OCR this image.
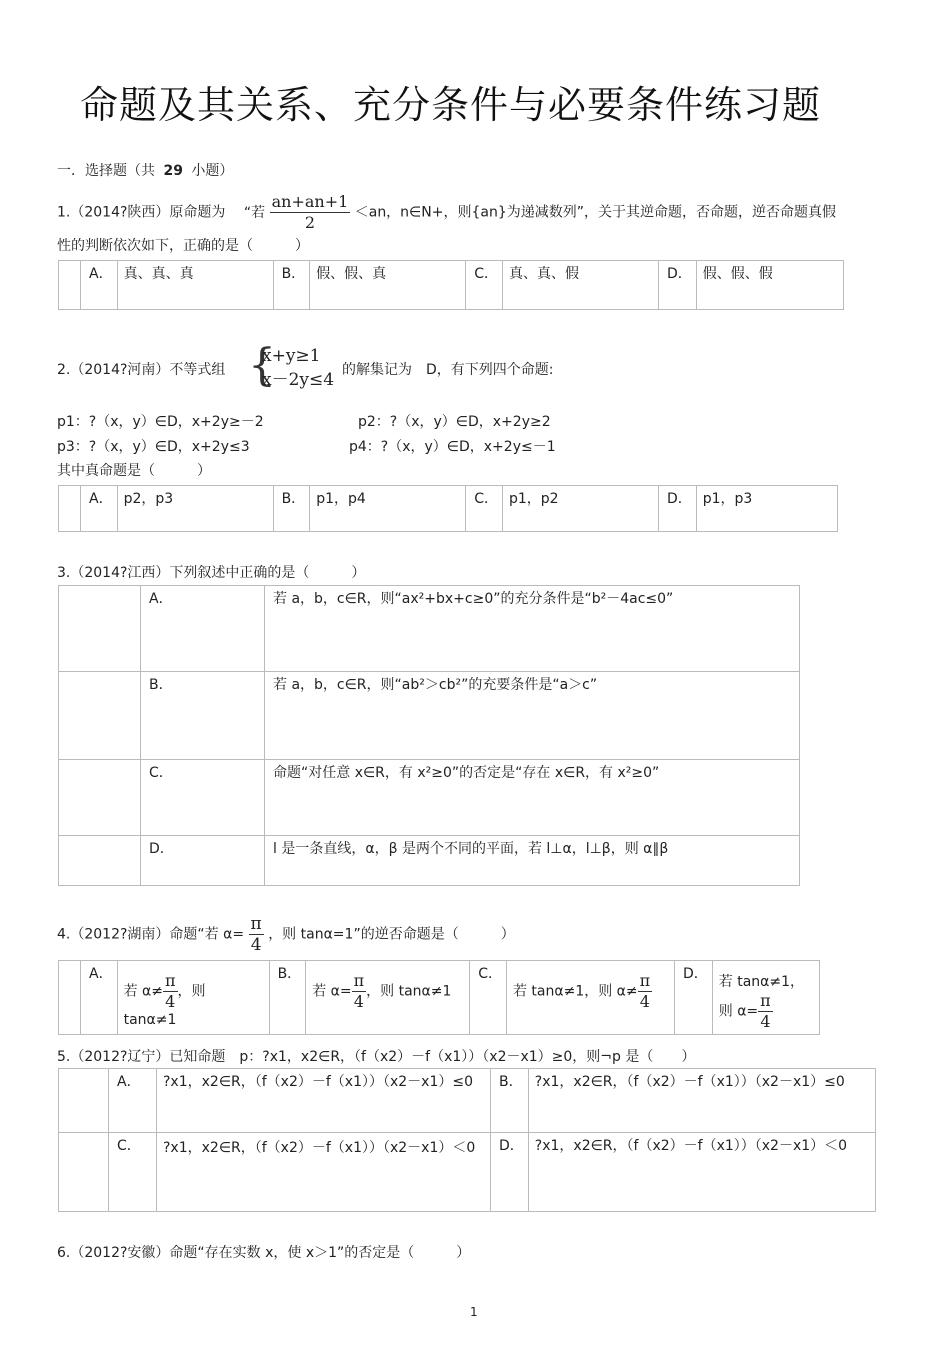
命题及其关系、充分条件与必要条件练习题
一．选择题（共 29 小题）
1.（2014?陕西）原命题为 “若 $\frac{an+an+1}{2} <an$，n∈N+，则{an}为递减数列”，关于其逆命题，否命题，逆否命题真假
性的判断依次如下，正确的是（　　　）
	A．	真、真、真	B．	假、假、真	C．	真、真、假	D．	假、假、假
2.（2014?河南）不等式组 {
x+y≥1
x－2y≤4 的解集记为　D，有下列四个命题:
p1：?（x，y）∈D，x+2y≥－2	p2：?（x，y）∈D，x+2y≥2
p3：?（x，y）∈D，x+2y≤3	p4：?（x，y）∈D，x+2y≤－1
其中真命题是（　　　）
	A．	p2，p3	B．	p1，p4	C．	p1，p2	D．	p1，p3
3.（2014?江西）下列叙述中正确的是（　　　）
	A．	若 a，b，c∈R，则“ax²+bx+c≥0”的充分条件是“b²－4ac≤0”
	B．	若 a，b，c∈R，则“ab²＞cb²”的充要条件是“a＞c”
	C．	命题“对任意 x∈R，有 x²≥0”的否定是“存在 x∈R，有 x²≥0”
	D．	l 是一条直线，α，β 是两个不同的平面，若 l⊥α，l⊥β，则 α∥β
4.（2012?湖南）命题“若 $\alpha= \frac{\pi}{4}$ ，则 tanα=1”的逆否命题是（　　　）
	A．	若 $\alpha\ne \frac{\pi}{4}$ ，则 tanα≠1	B．	若 $\alpha= \frac{\pi}{4}$ ，则 tanα≠1	C．	若 tanα≠1，则 $\alpha\ne \frac{\pi}{4}$	D．	若 tanα≠1，则 $\alpha= \frac{\pi}{4}$
5.（2012?辽宁）已知命题　p：?x1，x2∈R，（f（x2）－f（x1））（x2－x1）≥0，则¬p 是（　　）
	A．	?x1，x2∈R，（f（x2）－f（x1））（x2－x1）≤0	B．	?x1，x2∈R，（f（x2）－f（x1））（x2－x1）≤0
	C．	?x1，x2∈R，（f（x2）－f（x1））（x2－x1）＜0	D．	?x1，x2∈R，（f（x2）－f（x1））（x2－x1）＜0
6.（2012?安徽）命题“存在实数 x，使 x＞1”的否定是（　　　）
1
